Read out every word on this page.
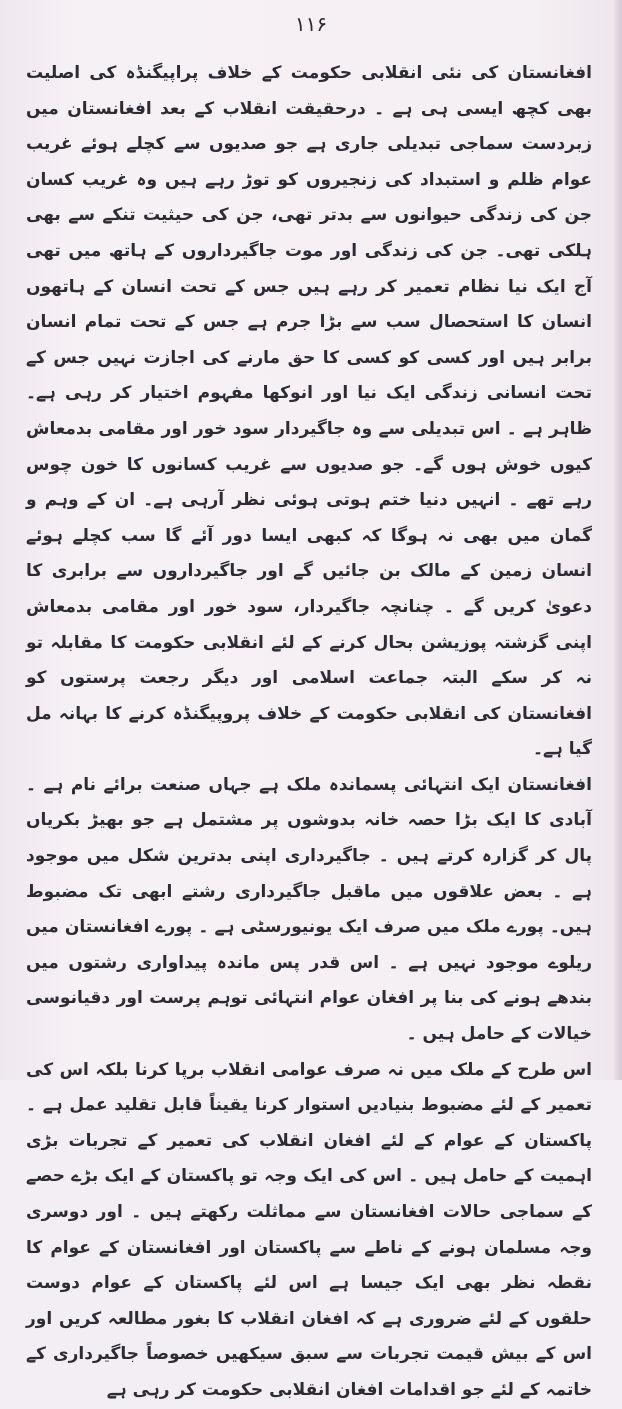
۱۱۶

افغانستان کی نئی انقلابی حکومت کے خلاف پراپیگنڈہ کی اصلیت بھی کچھ ایسی ہی ہے ۔ درحقیقت انقلاب کے بعد افغانستان میں زبردست سماجی تبدیلی جاری ہے جو صدیوں سے کچلے ہوئے غریب عوام ظلم و استبداد کی زنجیروں کو توڑ رہے ہیں وہ غریب کسان جن کی زندگی حیوانوں سے بدتر تھی، جن کی حیثیت تنکے سے بھی ہلکی تھی۔ جن کی زندگی اور موت جاگیرداروں کے ہاتھ میں تھی آج ایک نیا نظام تعمیر کر رہے ہیں جس کے تحت انسان کے ہاتھوں انسان کا استحصال سب سے بڑا جرم ہے جس کے تحت تمام انسان برابر ہیں اور کسی کو کسی کا حق مارنے کی اجازت نہیں جس کے تحت انسانی زندگی ایک نیا اور انوکھا مفہوم اختیار کر رہی ہے۔ ظاہر ہے ۔ اس تبدیلی سے وہ جاگیردار سود خور اور مقامی بدمعاش کیوں خوش ہوں گے۔ جو صدیوں سے غریب کسانوں کا خون چوس رہے تھے ۔ انہیں دنیا ختم ہوتی ہوئی نظر آرہی ہے۔ ان کے وہم و گمان میں بھی نہ ہوگا کہ کبھی ایسا دور آئے گا سب کچلے ہوئے انسان زمین کے مالک بن جائیں گے اور جاگیرداروں سے برابری کا دعویٰ کریں گے ۔ چنانچہ جاگیردار، سود خور اور مقامی بدمعاش اپنی گزشتہ پوزیشن بحال کرنے کے لئے انقلابی حکومت کا مقابلہ تو نہ کر سکے البتہ جماعت اسلامی اور دیگر رجعت پرستوں کو افغانستان کی انقلابی حکومت کے خلاف پروپیگنڈہ کرنے کا بہانہ مل گیا ہے۔

افغانستان ایک انتہائی پسماندہ ملک ہے جہاں صنعت برائے نام ہے ۔ آبادی کا ایک بڑا حصہ خانہ بدوشوں پر مشتمل ہے جو بھیڑ بکریاں پال کر گزارہ کرتے ہیں ۔ جاگیرداری اپنی بدترین شکل میں موجود ہے ۔ بعض علاقوں میں ماقبل جاگیرداری رشتے ابھی تک مضبوط ہیں۔ پورے ملک میں صرف ایک یونیورسٹی ہے ۔ پورے افغانستان میں ریلوے موجود نہیں ہے ۔ اس قدر پس ماندہ پیداواری رشتوں میں بندھے ہونے کی بنا پر افغان عوام انتہائی توہم پرست اور دقیانوسی خیالات کے حامل ہیں ۔

اس طرح کے ملک میں نہ صرف عوامی انقلاب برپا کرنا بلکہ اس کی تعمیر کے لئے مضبوط بنیادیں استوار کرنا یقیناً قابل تقلید عمل ہے ۔ پاکستان کے عوام کے لئے افغان انقلاب کی تعمیر کے تجربات بڑی اہمیت کے حامل ہیں ۔ اس کی ایک وجہ تو پاکستان کے ایک بڑے حصے کے سماجی حالات افغانستان سے مماثلت رکھتے ہیں ۔ اور دوسری وجہ مسلمان ہونے کے ناطے سے پاکستان اور افغانستان کے عوام کا نقطہ نظر بھی ایک جیسا ہے اس لئے پاکستان کے عوام دوست حلقوں کے لئے ضروری ہے کہ افغان انقلاب کا بغور مطالعہ کریں اور اس کے بیش قیمت تجربات سے سبق سیکھیں خصوصاً جاگیرداری کے خاتمہ کے لئے جو اقدامات افغان انقلابی حکومت کر رہی ہے
